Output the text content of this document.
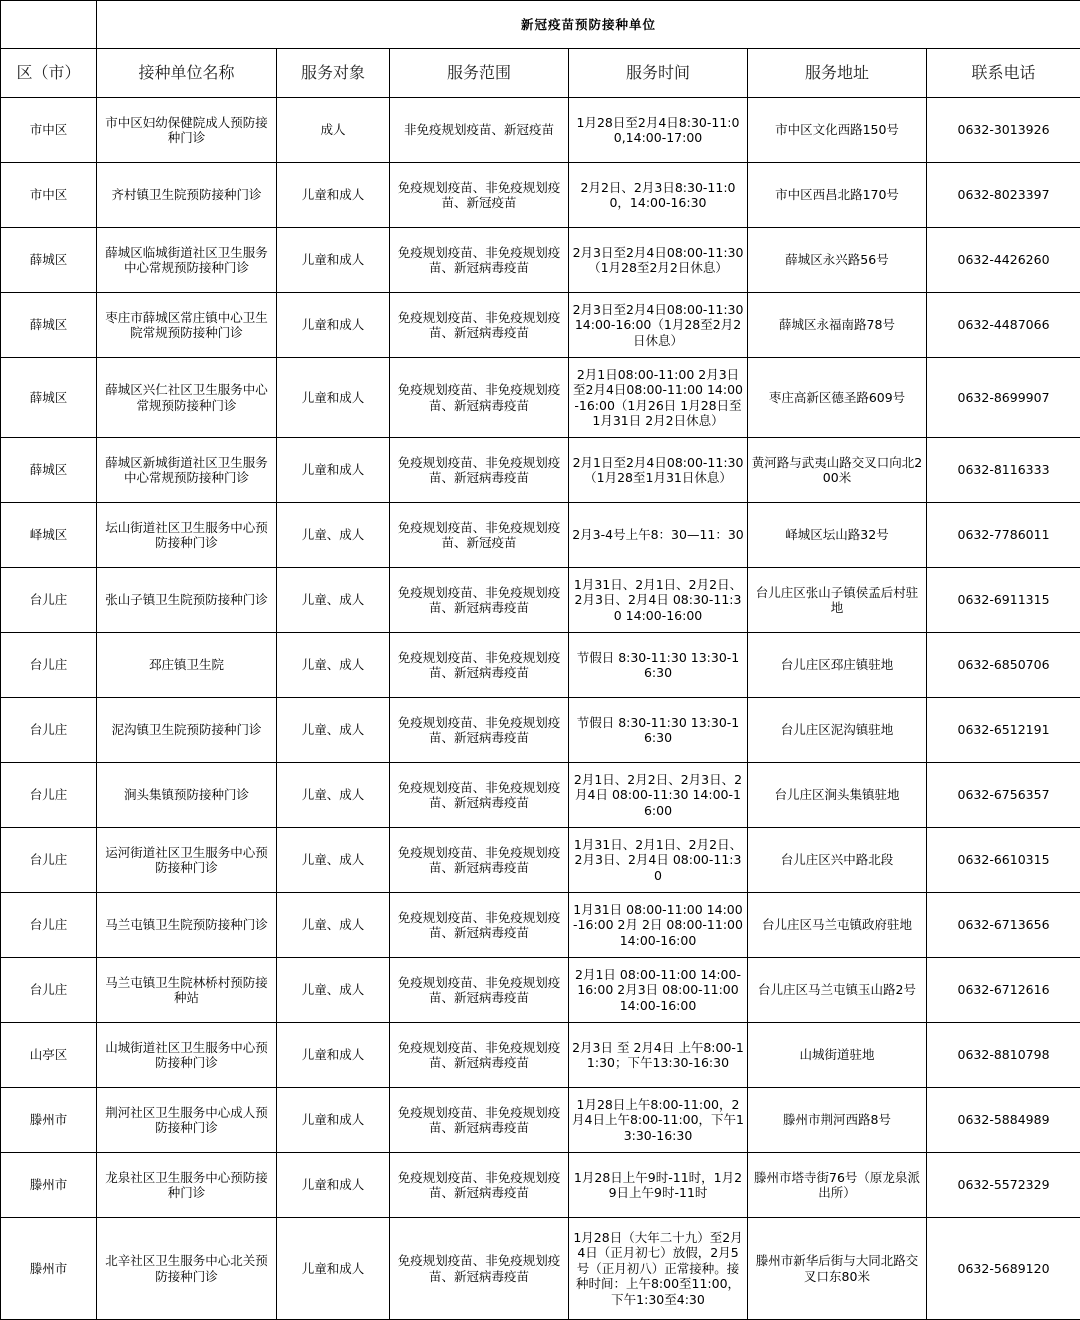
	新冠疫苗预防接种单位					
区（市）	接种单位名称	服务对象	服务范围	服务时间	服务地址	联系电话
市中区	市中区妇幼保健院成人预防接种门诊	成人	非免疫规划疫苗、新冠疫苗	1月28日至2月4日8:30-11:00,14:00-17:00	市中区文化西路150号	0632-3013926
市中区	齐村镇卫生院预防接种门诊	儿童和成人	免疫规划疫苗、非免疫规划疫苗、新冠疫苗	2月2日、2月3日8:30-11:00，14:00-16:30	市中区西昌北路170号	0632-8023397
薛城区	薛城区临城街道社区卫生服务中心常规预防接种门诊	儿童和成人	免疫规划疫苗、非免疫规划疫苗、新冠病毒疫苗	2月3日至2月4日08:00-11:30（1月28至2月2日休息）	薛城区永兴路56号	0632-4426260
薛城区	枣庄市薛城区常庄镇中心卫生院常规预防接种门诊	儿童和成人	免疫规划疫苗、非免疫规划疫苗、新冠病毒疫苗	2月3日至2月4日08:00-11:30 14:00-16:00（1月28至2月2日休息）	薛城区永福南路78号	0632-4487066
薛城区	薛城区兴仁社区卫生服务中心常规预防接种门诊	儿童和成人	免疫规划疫苗、非免疫规划疫苗、新冠病毒疫苗	2月1日08:00-11:00 2月3日至2月4日08:00-11:00 14:00-16:00（1月26日 1月28日至1月31日 2月2日休息）	枣庄高新区德圣路609号	0632-8699907
薛城区	薛城区新城街道社区卫生服务中心常规预防接种门诊	儿童和成人	免疫规划疫苗、非免疫规划疫苗、新冠病毒疫苗	2月1日至2月4日08:00-11:30（1月28至1月31日休息）	黄河路与武夷山路交叉口向北200米	0632-8116333
峄城区	坛山街道社区卫生服务中心预防接种门诊	儿童、成人	免疫规划疫苗、非免疫规划疫苗、新冠疫苗	2月3-4号上午8：30—11：30	峄城区坛山路32号	0632-7786011
台儿庄	张山子镇卫生院预防接种门诊	儿童、成人	免疫规划疫苗、非免疫规划疫苗、新冠病毒疫苗	1月31日、2月1日、2月2日、2月3日、2月4日 08:30-11:30 14:00-16:00	台儿庄区张山子镇侯孟后村驻地	0632-6911315
台儿庄	邳庄镇卫生院	儿童、成人	免疫规划疫苗、非免疫规划疫苗、新冠病毒疫苗	节假日 8:30-11:30 13:30-16:30	台儿庄区邳庄镇驻地	0632-6850706
台儿庄	泥沟镇卫生院预防接种门诊	儿童、成人	免疫规划疫苗、非免疫规划疫苗、新冠病毒疫苗	节假日 8:30-11:30 13:30-16:30	台儿庄区泥沟镇驻地	0632-6512191
台儿庄	涧头集镇预防接种门诊	儿童、成人	免疫规划疫苗、非免疫规划疫苗、新冠病毒疫苗	2月1日、2月2日、2月3日、2月4日 08:00-11:30 14:00-16:00	台儿庄区涧头集镇驻地	0632-6756357
台儿庄	运河街道社区卫生服务中心预防接种门诊	儿童、成人	免疫规划疫苗、非免疫规划疫苗、新冠病毒疫苗	1月31日、2月1日、2月2日、2月3日、2月4日 08:00-11:30	台儿庄区兴中路北段	0632-6610315
台儿庄	马兰屯镇卫生院预防接种门诊	儿童、成人	免疫规划疫苗、非免疫规划疫苗、新冠病毒疫苗	1月31日 08:00-11:00 14:00-16:00 2月 2日 08:00-11:00 14:00-16:00	台儿庄区马兰屯镇政府驻地	0632-6713656
台儿庄	马兰屯镇卫生院林桥村预防接种站	儿童、成人	免疫规划疫苗、非免疫规划疫苗、新冠病毒疫苗	2月1日 08:00-11:00 14:00-16:00 2月3日 08:00-11:00 14:00-16:00	台儿庄区马兰屯镇玉山路2号	0632-6712616
山亭区	山城街道社区卫生服务中心预防接种门诊	儿童和成人	免疫规划疫苗、非免疫规划疫苗、新冠病毒疫苗	2月3日 至 2月4日 上午8:00-11:30；下午13:30-16:30	山城街道驻地	0632-8810798
滕州市	荆河社区卫生服务中心成人预防接种门诊	儿童和成人	免疫规划疫苗、非免疫规划疫苗、新冠病毒疫苗	1月28日上午8:00-11:00，2月4日上午8:00-11:00，下午13:30-16:30	滕州市荆河西路8号	0632-5884989
滕州市	龙泉社区卫生服务中心预防接种门诊	儿童和成人	免疫规划疫苗、非免疫规划疫苗、新冠病毒疫苗	1月28日上午9时-11时，1月29日上午9时-11时	滕州市塔寺街76号（原龙泉派出所）	0632-5572329
滕州市	北辛社区卫生服务中心北关预防接种门诊	儿童和成人	免疫规划疫苗、非免疫规划疫苗、新冠病毒疫苗	1月28日（大年二十九）至2月4日（正月初七）放假，2月5号（正月初八）正常接种。接种时间：上午8:00至11:00，下午1:30至4:30	滕州市新华后街与大同北路交叉口东80米	0632-5689120
